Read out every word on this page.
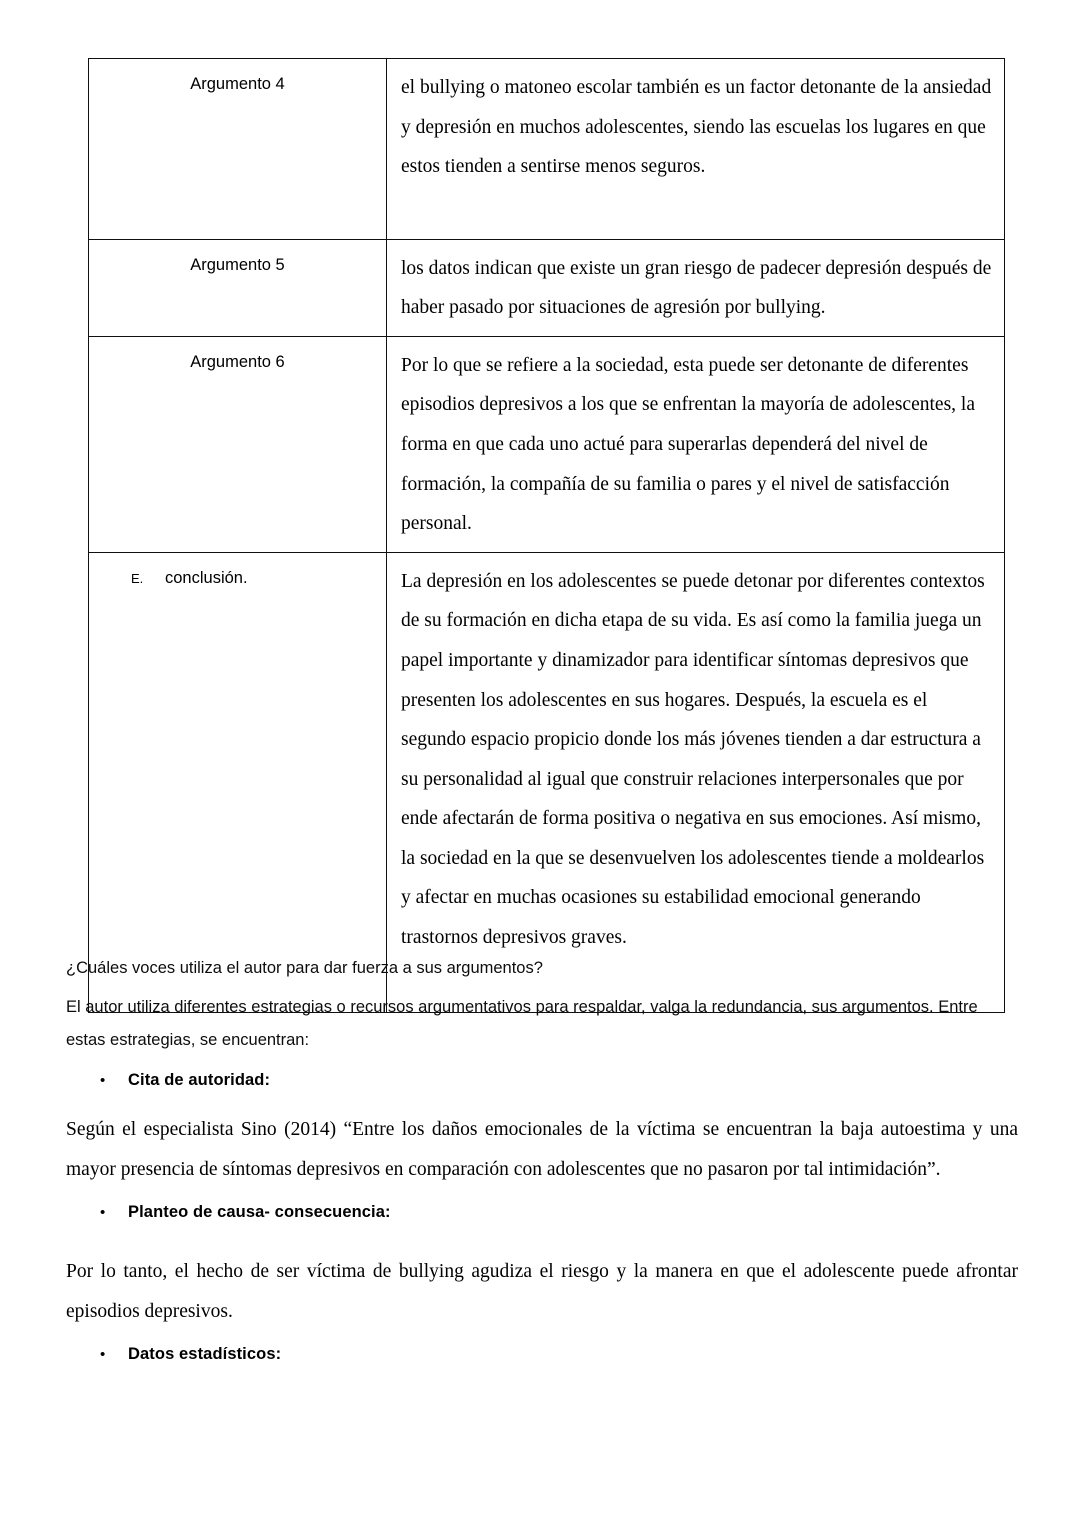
Argumento 4	el bullying o matoneo escolar también es un factor detonante de la ansiedad y depresión en muchos adolescentes, siendo las escuelas los lugares en que estos tienden a sentirse menos seguros.

Argumento 5	los datos indican que existe un gran riesgo de padecer depresión después de haber pasado por situaciones de agresión por bullying.

Argumento 6	Por lo que se refiere a la sociedad, esta puede ser detonante de diferentes episodios depresivos a los que se enfrentan la mayoría de adolescentes, la forma en que cada uno actué para superarlas dependerá del nivel de formación, la compañía de su familia o pares y el nivel de satisfacción personal.

E. conclusión.	La depresión en los adolescentes se puede detonar por diferentes contextos de su formación en dicha etapa de su vida. Es así como la familia juega un papel importante y dinamizador para identificar síntomas depresivos que presenten los adolescentes en sus hogares. Después, la escuela es el segundo espacio propicio donde los más jóvenes tienden a dar estructura a su personalidad al igual que construir relaciones interpersonales que por ende afectarán de forma positiva o negativa en sus emociones. Así mismo, la sociedad en la que se desenvuelven los adolescentes tiende a moldearlos y afectar en muchas ocasiones su estabilidad emocional generando trastornos depresivos graves.

¿Cuáles voces utiliza el autor para dar fuerza a sus argumentos?

El autor utiliza diferentes estrategias o recursos argumentativos para respaldar, valga la redundancia, sus argumentos. Entre estas estrategias, se encuentran:

•	Cita de autoridad:

Según el especialista Sino (2014) “Entre los daños emocionales de la víctima se encuentran la baja autoestima y una mayor presencia de síntomas depresivos en comparación con adolescentes que no pasaron por tal intimidación”.

•	Planteo de causa- consecuencia:

Por lo tanto, el hecho de ser víctima de bullying agudiza el riesgo y la manera en que el adolescente puede afrontar episodios depresivos.

•	Datos estadísticos:
